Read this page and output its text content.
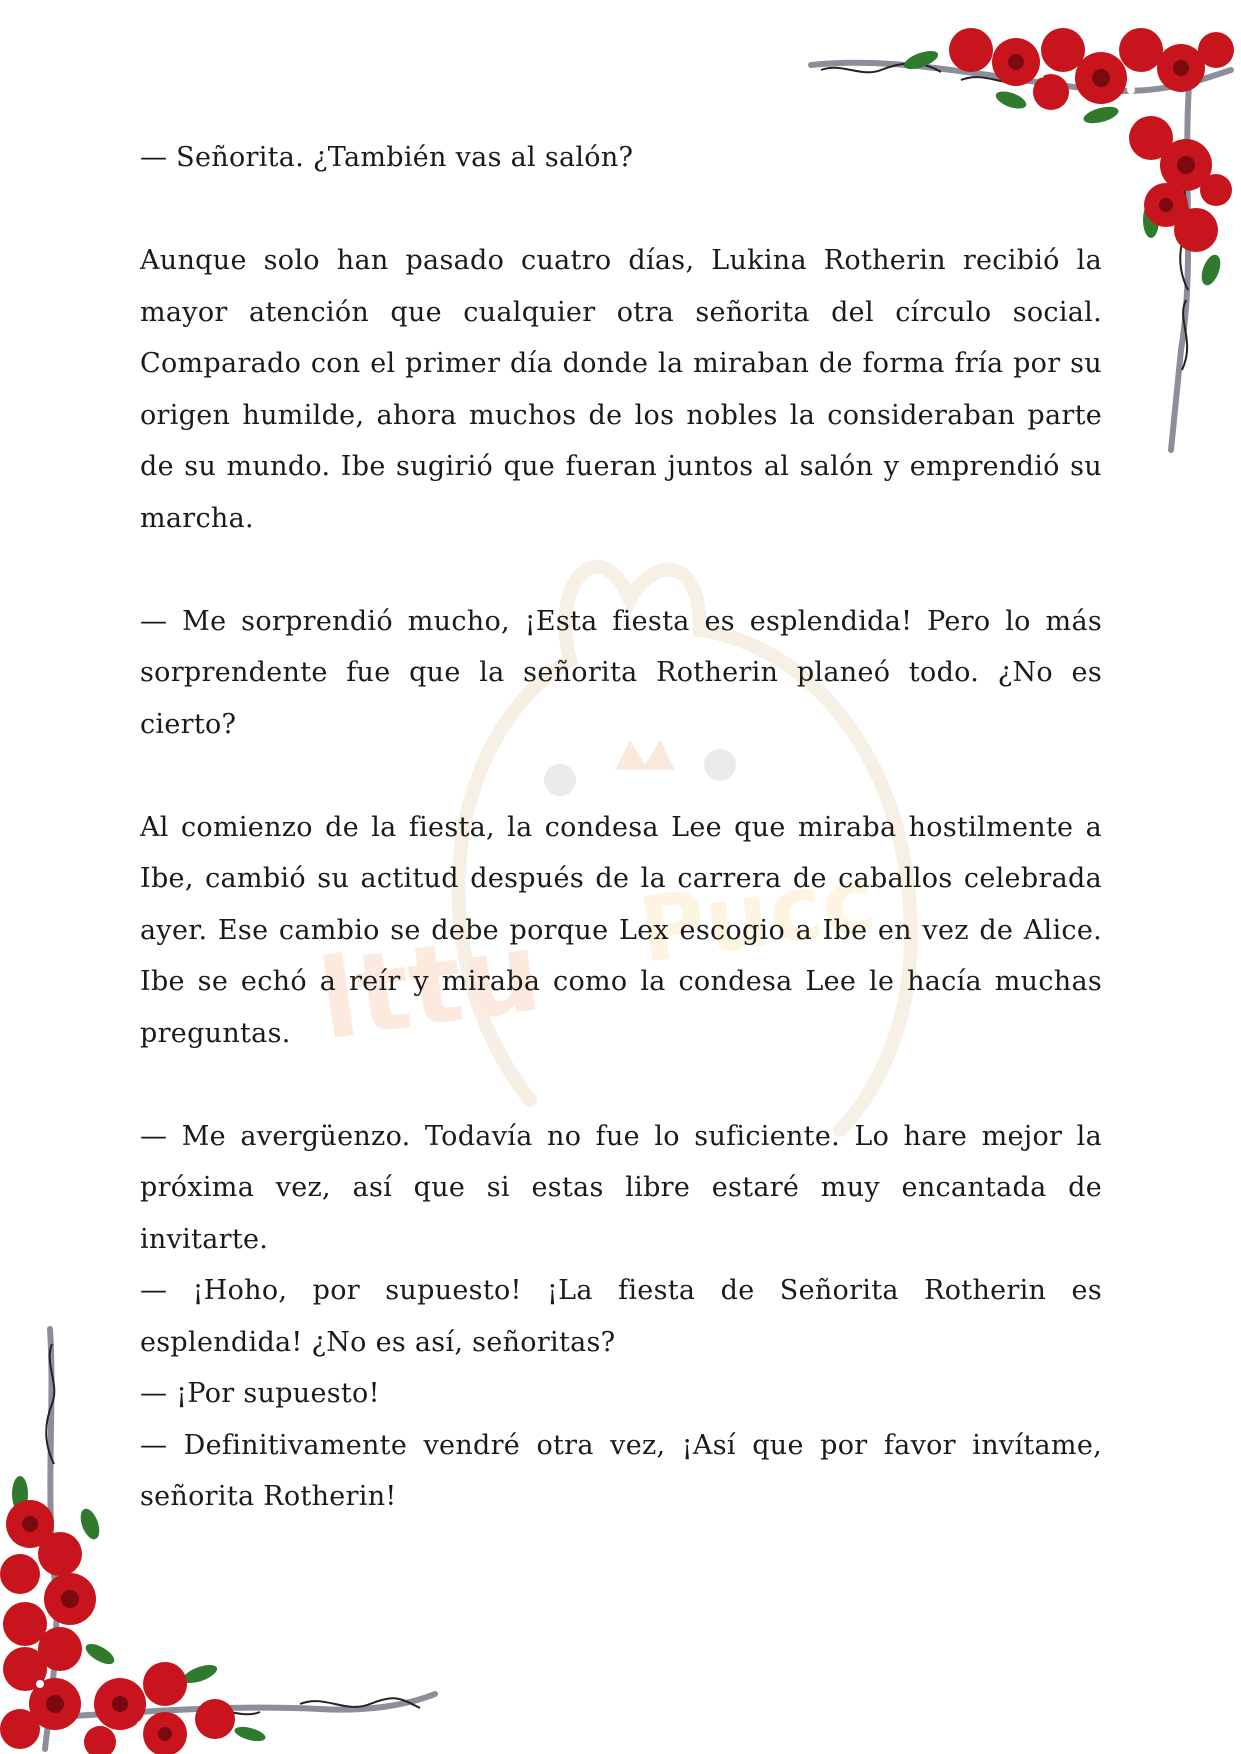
lttu Pucc

— Señorita. ¿También vas al salón?

Aunque solo han pasado cuatro días, Lukina Rotherin recibió la mayor atención que cualquier otra señorita del círculo social. Comparado con el primer día donde la miraban de forma fría por su origen humilde, ahora muchos de los nobles la consideraban parte de su mundo. Ibe sugirió que fueran juntos al salón y emprendió su marcha.

— Me sorprendió mucho, ¡Esta fiesta es esplendida! Pero lo más sorprendente fue que la señorita Rotherin planeó todo. ¿No es cierto?

Al comienzo de la fiesta, la condesa Lee que miraba hostilmente a Ibe, cambió su actitud después de la carrera de caballos celebrada ayer. Ese cambio se debe porque Lex escogio a Ibe en vez de Alice. Ibe se echó a reír y miraba como la condesa Lee le hacía muchas preguntas.

— Me avergüenzo. Todavía no fue lo suficiente. Lo hare mejor la próxima vez, así que si estas libre estaré muy encantada de invitarte.

— ¡Hoho, por supuesto! ¡La fiesta de Señorita Rotherin es esplendida! ¿No es así, señoritas?

— ¡Por supuesto!

— Definitivamente vendré otra vez, ¡Así que por favor invítame, señorita Rotherin!
